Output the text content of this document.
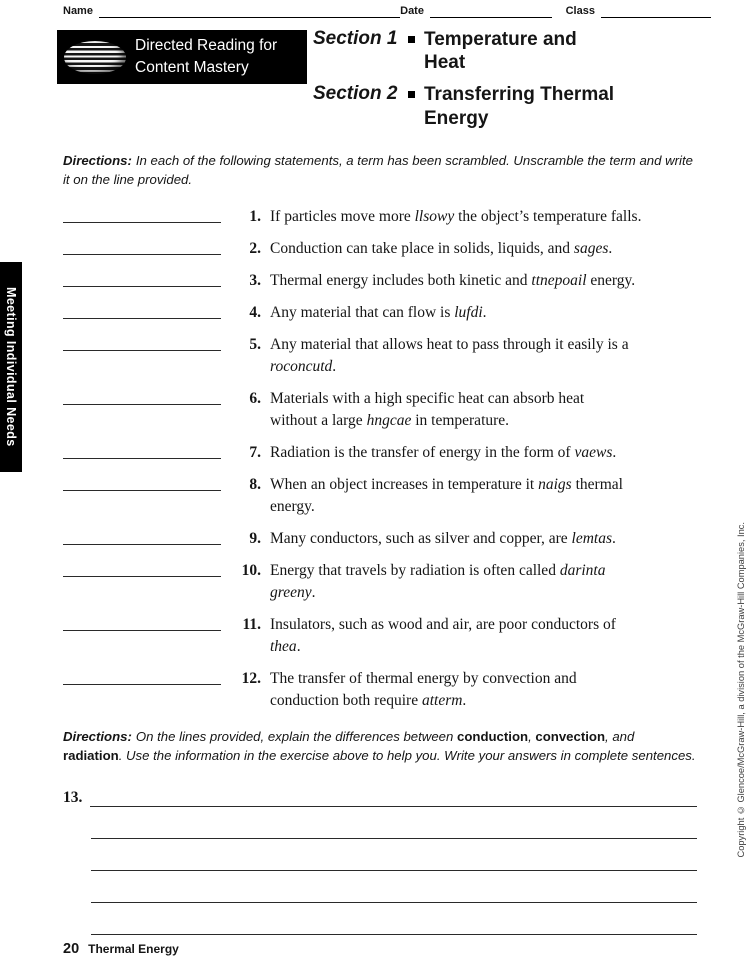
Name	Date	Class
Directed Reading for
Content Mastery
Section 1	Temperature and
Heat
Section 2	Transferring Thermal
Energy
Directions: In each of the following statements, a term has been scrambled. Unscramble the term and write it on the line provided.
1. If particles move more llsowy the object’s temperature falls.
2. Conduction can take place in solids, liquids, and sages.
3. Thermal energy includes both kinetic and ttnepoail energy.
4. Any material that can flow is lufdi.
5. Any material that allows heat to pass through it easily is a
roconcutd.
6. Materials with a high specific heat can absorb heat
without a large hngcae in temperature.
7. Radiation is the transfer of energy in the form of vaews.
8. When an object increases in temperature it naigs thermal
energy.
9. Many conductors, such as silver and copper, are lemtas.
10. Energy that travels by radiation is often called darinta
greeny.
11. Insulators, such as wood and air, are poor conductors of
thea.
12. The transfer of thermal energy by convection and
conduction both require atterm.
Directions: On the lines provided, explain the differences between conduction, convection, and radiation. Use the information in the exercise above to help you. Write your answers in complete sentences.
13.
Meeting Individual Needs
Copyright © Glencoe/McGraw-Hill, a division of the McGraw-Hill Companies, Inc.
20 Thermal Energy
